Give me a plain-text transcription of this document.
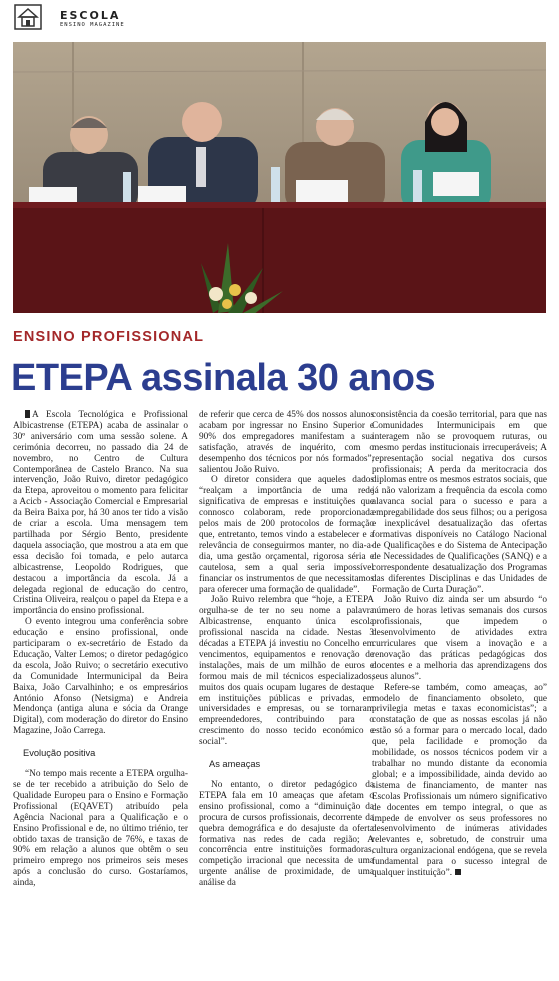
ESCOLA
ENSINO MAGAZINE
ENSINO PROFISSIONAL
ETEPA assinala 30 anos

A Escola Tecnológica e Profissional Albicastrense (ETEPA) acaba de assinalar o 30º aniversário com uma sessão solene. A cerimónia decorreu, no passado dia 24 de novembro, no Centro de Cultura Contemporânea de Castelo Branco. Na sua intervenção, João Ruivo, diretor pedagógico da Etepa, aproveitou o momento para felicitar a Acicb - Associação Comercial e Empresarial da Beira Baixa por, há 30 anos ter tido a visão de criar a escola. Uma mensagem tem partilhada por Sérgio Bento, presidente daquela associação, que mostrou a ata em que essa decisão foi tomada, e pelo autarca albicastrense, Leopoldo Rodrigues, que destacou a importância da escola. Já a delegada regional de educação do centro, Cristina Oliveira, realçou o papel da Etepa e a importância do ensino profissional.

O evento integrou uma conferência sobre educação e ensino profissional, onde participaram o ex-secretário de Estado da Educação, Valter Lemos; o diretor pedagógico da escola, João Ruivo; o secretário executivo da Comunidade Intermunicipal da Beira Baixa, João Carvalhinho; e os empresários António Afonso (Netsigma) e Andreia Mendonça (antiga aluna e sócia da Orange Digital), com moderação do diretor do Ensino Magazine, João Carrega.

Evolução positiva

“No tempo mais recente a ETEPA orgulha-se de ter recebido a atribuição do Selo de Qualidade Europeu para o Ensino e Formação Profissional (EQAVET) atribuído pela Agência Nacional para a Qualificação e o Ensino Profissional e de, no último triénio, ter obtido taxas de transição de 76%, e taxas de 90% em relação a alunos que obtêm o seu primeiro emprego nos primeiros seis meses após a conclusão do curso. Gostaríamos, ainda,

de referir que cerca de 45% dos nossos alunos acabam por ingressar no Ensino Superior e 90% dos empregadores manifestam a sua satisfação, através de inquérito, com o desempenho dos técnicos por nós formados”, salientou João Ruivo.

O diretor considera que aqueles dados “realçam a importância de uma rede significativa de empresas e instituições que connosco colaboram, rede proporcionada pelos mais de 200 protocolos de formação que, entretanto, temos vindo a estabelecer e a relevância de conseguirmos manter, no dia-a-dia, uma gestão orçamental, rigorosa séria e cautelosa, sem a qual seria impossível financiar os instrumentos de que necessitamos para oferecer uma formação de qualidade”.

João Ruivo relembra que “hoje, a ETEPA orgulha-se de ter no seu nome a palavra Albicastrense, enquanto única escola profissional nascida na cidade. Nestas 3 décadas a ETEPA já investiu no Concelho em vencimentos, equipamentos e renovação de instalações, mais de um milhão de euros e formou mais de mil técnicos especializados, muitos dos quais ocupam lugares de destaque em instituições públicas e privadas, em universidades e empresas, ou se tornaram empreendedores, contribuindo para o crescimento do nosso tecido económico e social”.

As ameaças

No entanto, o diretor pedagógico da ETEPA fala em 10 ameaças que afetam o ensino profissional, como a “diminuição da procura de cursos profissionais, decorrente da quebra demográfica e do desajuste da oferta formativa nas redes de cada região; A concorrência entre instituições formadoras, competição irracional que necessita de uma urgente análise de proximidade, de uma análise da

consistência da coesão territorial, para que nas Comunidades Intermunicipais em que interagem não se provoquem ruturas, ou mesmo perdas institucionais irrecuperáveis; A representação social negativa dos cursos profissionais; A perda da meritocracia dos diplomas entre os mesmos estratos sociais, que já não valorizam a frequência da escola como alavanca social para o sucesso e para a empregabilidade dos seus filhos; ou a perigosa e inexplicável desatualização das ofertas formativas disponíveis no Catálogo Nacional de Qualificações e do Sistema de Antecipação de Necessidades de Qualificações (SANQ) e a correspondente desatualização dos Programas das diferentes Disciplinas e das Unidades de Formação de Curta Duração”.

João Ruivo diz ainda ser um absurdo “o número de horas letivas semanais dos cursos profissionais, que impedem o desenvolvimento de atividades extra curriculares que visem a inovação e a renovação das práticas pedagógicas dos docentes e a melhoria das aprendizagens dos seus alunos”.

Refere-se também, como ameaças, ao” modelo de financiamento obsoleto, que privilegia metas e taxas economicistas”; a constatação de que as nossas escolas já não estão só a formar para o mercado local, dado que, pela facilidade e promoção da mobilidade, os nossos técnicos podem vir a trabalhar no mundo distante da economia global; e a impossibilidade, ainda devido ao sistema de financiamento, de manter nas Escolas Profissionais um número significativo de docentes em tempo integral, o que as impede de envolver os seus professores no desenvolvimento de inúmeras atividades relevantes e, sobretudo, de construir uma cultura organizacional endógena, que se revela fundamental para o sucesso integral de qualquer instituição”.
